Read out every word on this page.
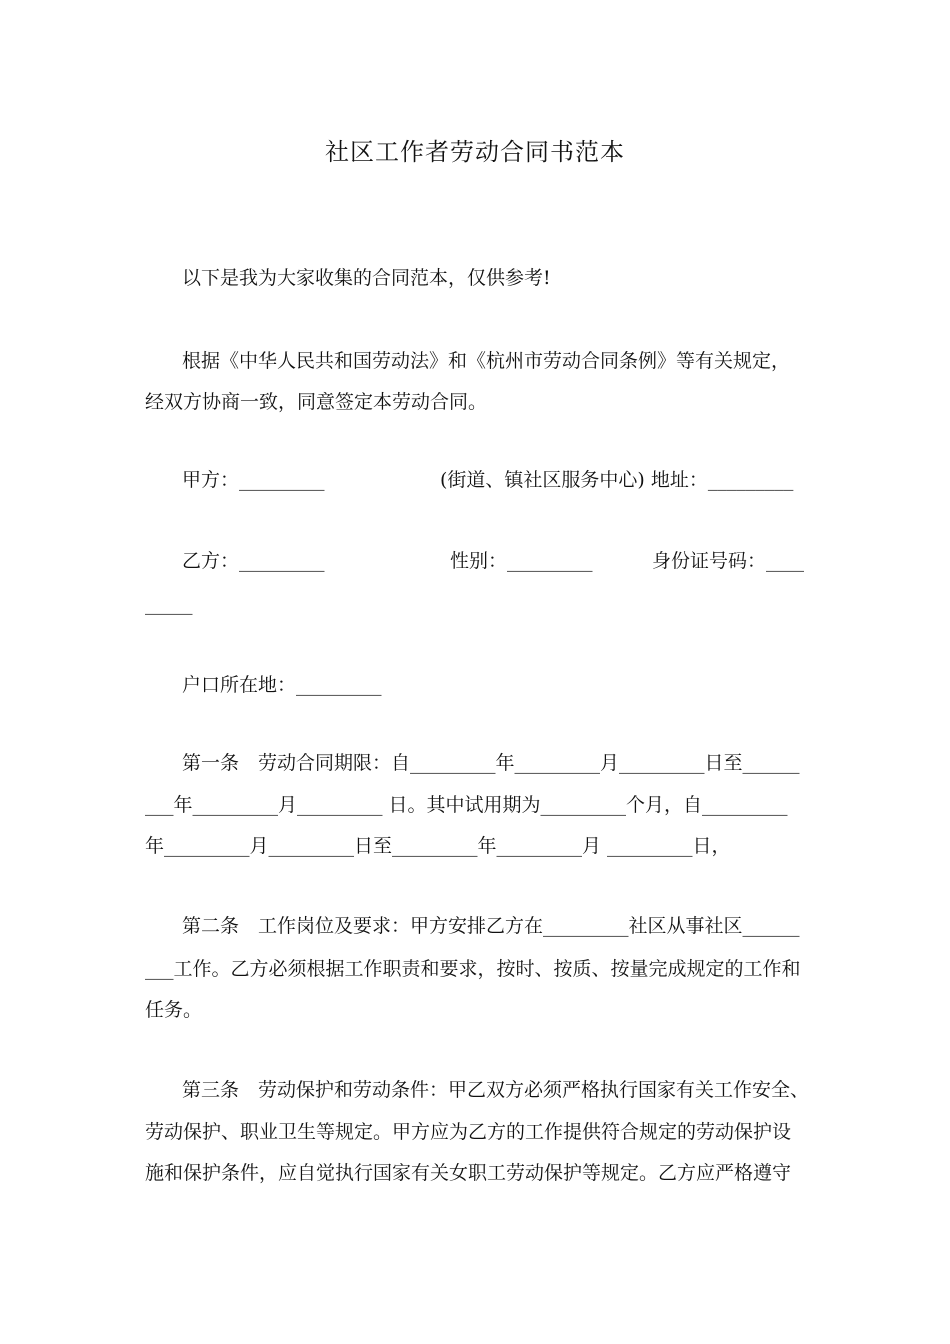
社区工作者劳动合同书范本
以下是我为大家收集的合同范本，仅供参考!
根据《中华人民共和国劳动法》和《杭州市劳动合同条例》等有关规定，
经双方协商一致，同意签定本劳动合同。
甲方：_________	(街道、镇社区服务中心) 地址：_________
乙方：_________	性别：_________	身份证号码：____
_____
户口所在地：_________
第一条　劳动合同期限：自_________年_________月_________日至______
___年_________月_________ 日。其中试用期为_________个月，自_________
年_________月_________日至_________年_________月 _________日，
第二条　工作岗位及要求：甲方安排乙方在_________社区从事社区______
___工作。乙方必须根据工作职责和要求，按时、按质、按量完成规定的工作和
任务。
第三条　劳动保护和劳动条件：甲乙双方必须严格执行国家有关工作安全、
劳动保护、职业卫生等规定。甲方应为乙方的工作提供符合规定的劳动保护设
施和保护条件，应自觉执行国家有关女职工劳动保护等规定。乙方应严格遵守
